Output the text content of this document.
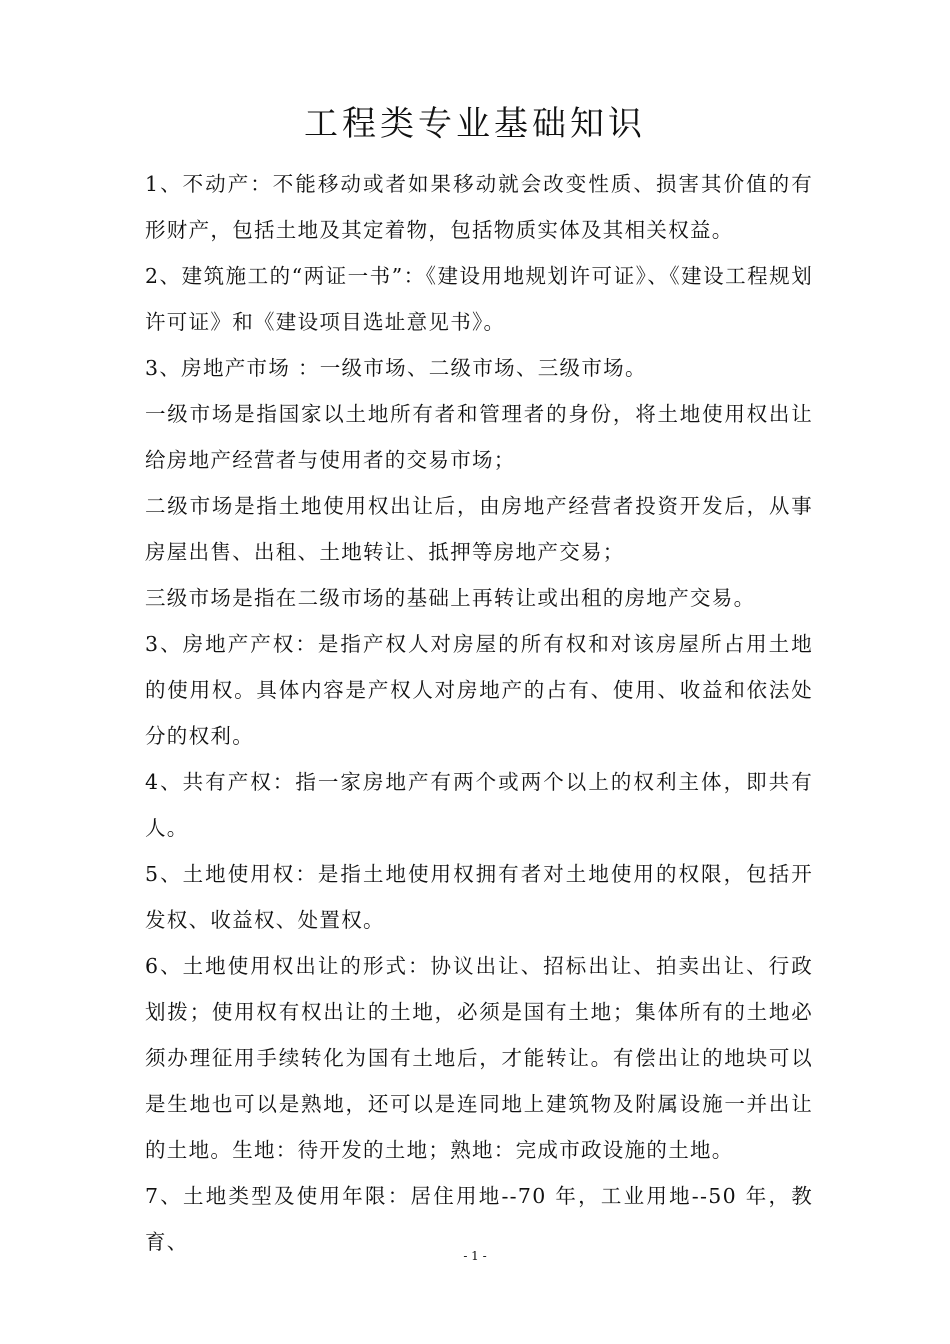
工程类专业基础知识

1、不动产：不能移动或者如果移动就会改变性质、损害其价值的有形财产，包括土地及其定着物，包括物质实体及其相关权益。

2、建筑施工的“两证一书”：《建设用地规划许可证》、《建设工程规划许可证》和《建设项目选址意见书》。

3、房地产市场 ：一级市场、二级市场、三级市场。

一级市场是指国家以土地所有者和管理者的身份，将土地使用权出让给房地产经营者与使用者的交易市场；

二级市场是指土地使用权出让后，由房地产经营者投资开发后，从事房屋出售、出租、土地转让、抵押等房地产交易；

三级市场是指在二级市场的基础上再转让或出租的房地产交易。

3、房地产产权：是指产权人对房屋的所有权和对该房屋所占用土地的使用权。具体内容是产权人对房地产的占有、使用、收益和依法处分的权利。

4、共有产权：指一家房地产有两个或两个以上的权利主体，即共有人。

5、土地使用权：是指土地使用权拥有者对土地使用的权限，包括开发权、收益权、处置权。

6、土地使用权出让的形式：协议出让、招标出让、拍卖出让、行政划拨；使用权有权出让的土地，必须是国有土地；集体所有的土地必须办理征用手续转化为国有土地后，才能转让。有偿出让的地块可以是生地也可以是熟地，还可以是连同地上建筑物及附属设施一并出让的土地。生地：待开发的土地；熟地：完成市政设施的土地。

7、土地类型及使用年限：居住用地--70 年，工业用地--50 年，教育、

- 1 -
